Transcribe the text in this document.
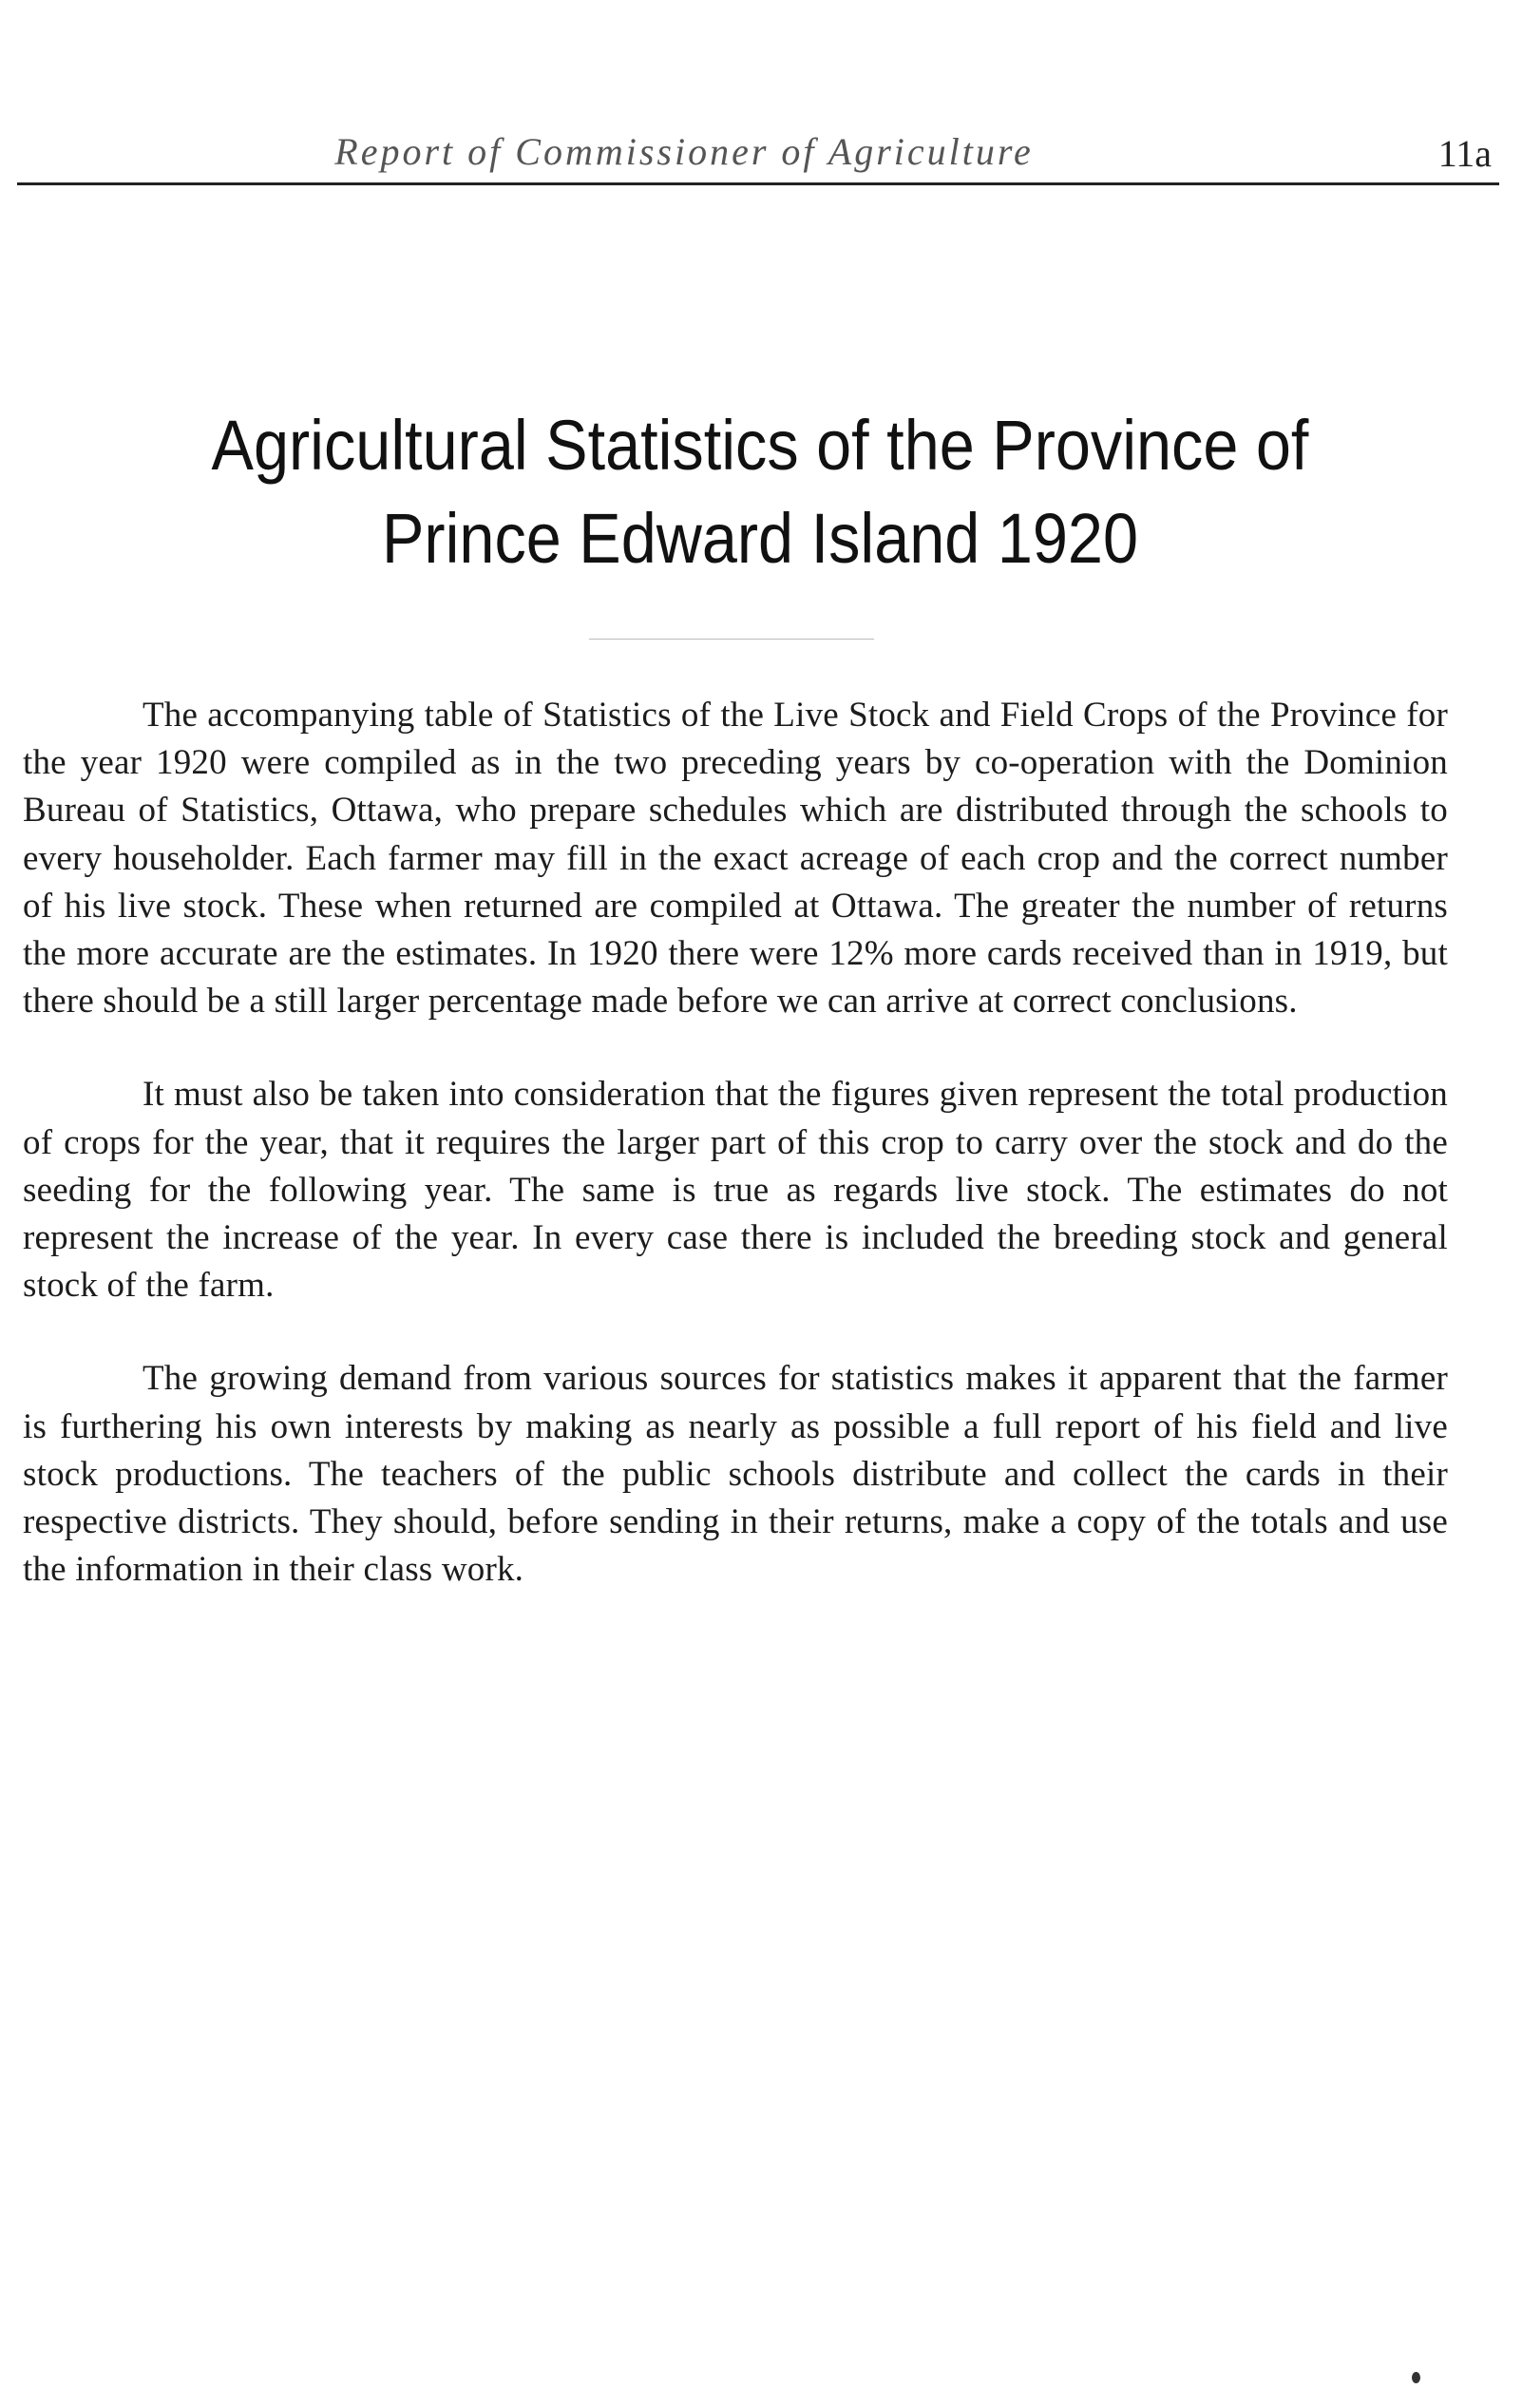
Report of Commissioner of Agriculture	11a
Agricultural Statistics of the Province of
Prince Edward Island 1920

The accompanying table of Statistics of the Live Stock and Field Crops of the Province for the year 1920 were compiled as in the two preceding years by co-operation with the Dominion Bureau of Statistics, Ottawa, who prepare schedules which are distributed through the schools to every householder. Each farmer may fill in the exact acreage of each crop and the correct number of his live stock. These when returned are compiled at Ottawa. The greater the number of returns the more accurate are the estimates. In 1920 there were 12% more cards received than in 1919, but there should be a still larger percentage made before we can arrive at correct conclusions.

It must also be taken into consideration that the figures given represent the total production of crops for the year, that it requires the larger part of this crop to carry over the stock and do the seeding for the following year. The same is true as regards live stock. The estimates do not represent the increase of the year. In every case there is included the breeding stock and general stock of the farm.

The growing demand from various sources for statistics makes it apparent that the farmer is furthering his own interests by making as nearly as possible a full report of his field and live stock productions. The teachers of the public schools distribute and collect the cards in their respective districts. They should, before sending in their returns, make a copy of the totals and use the information in their class work.
